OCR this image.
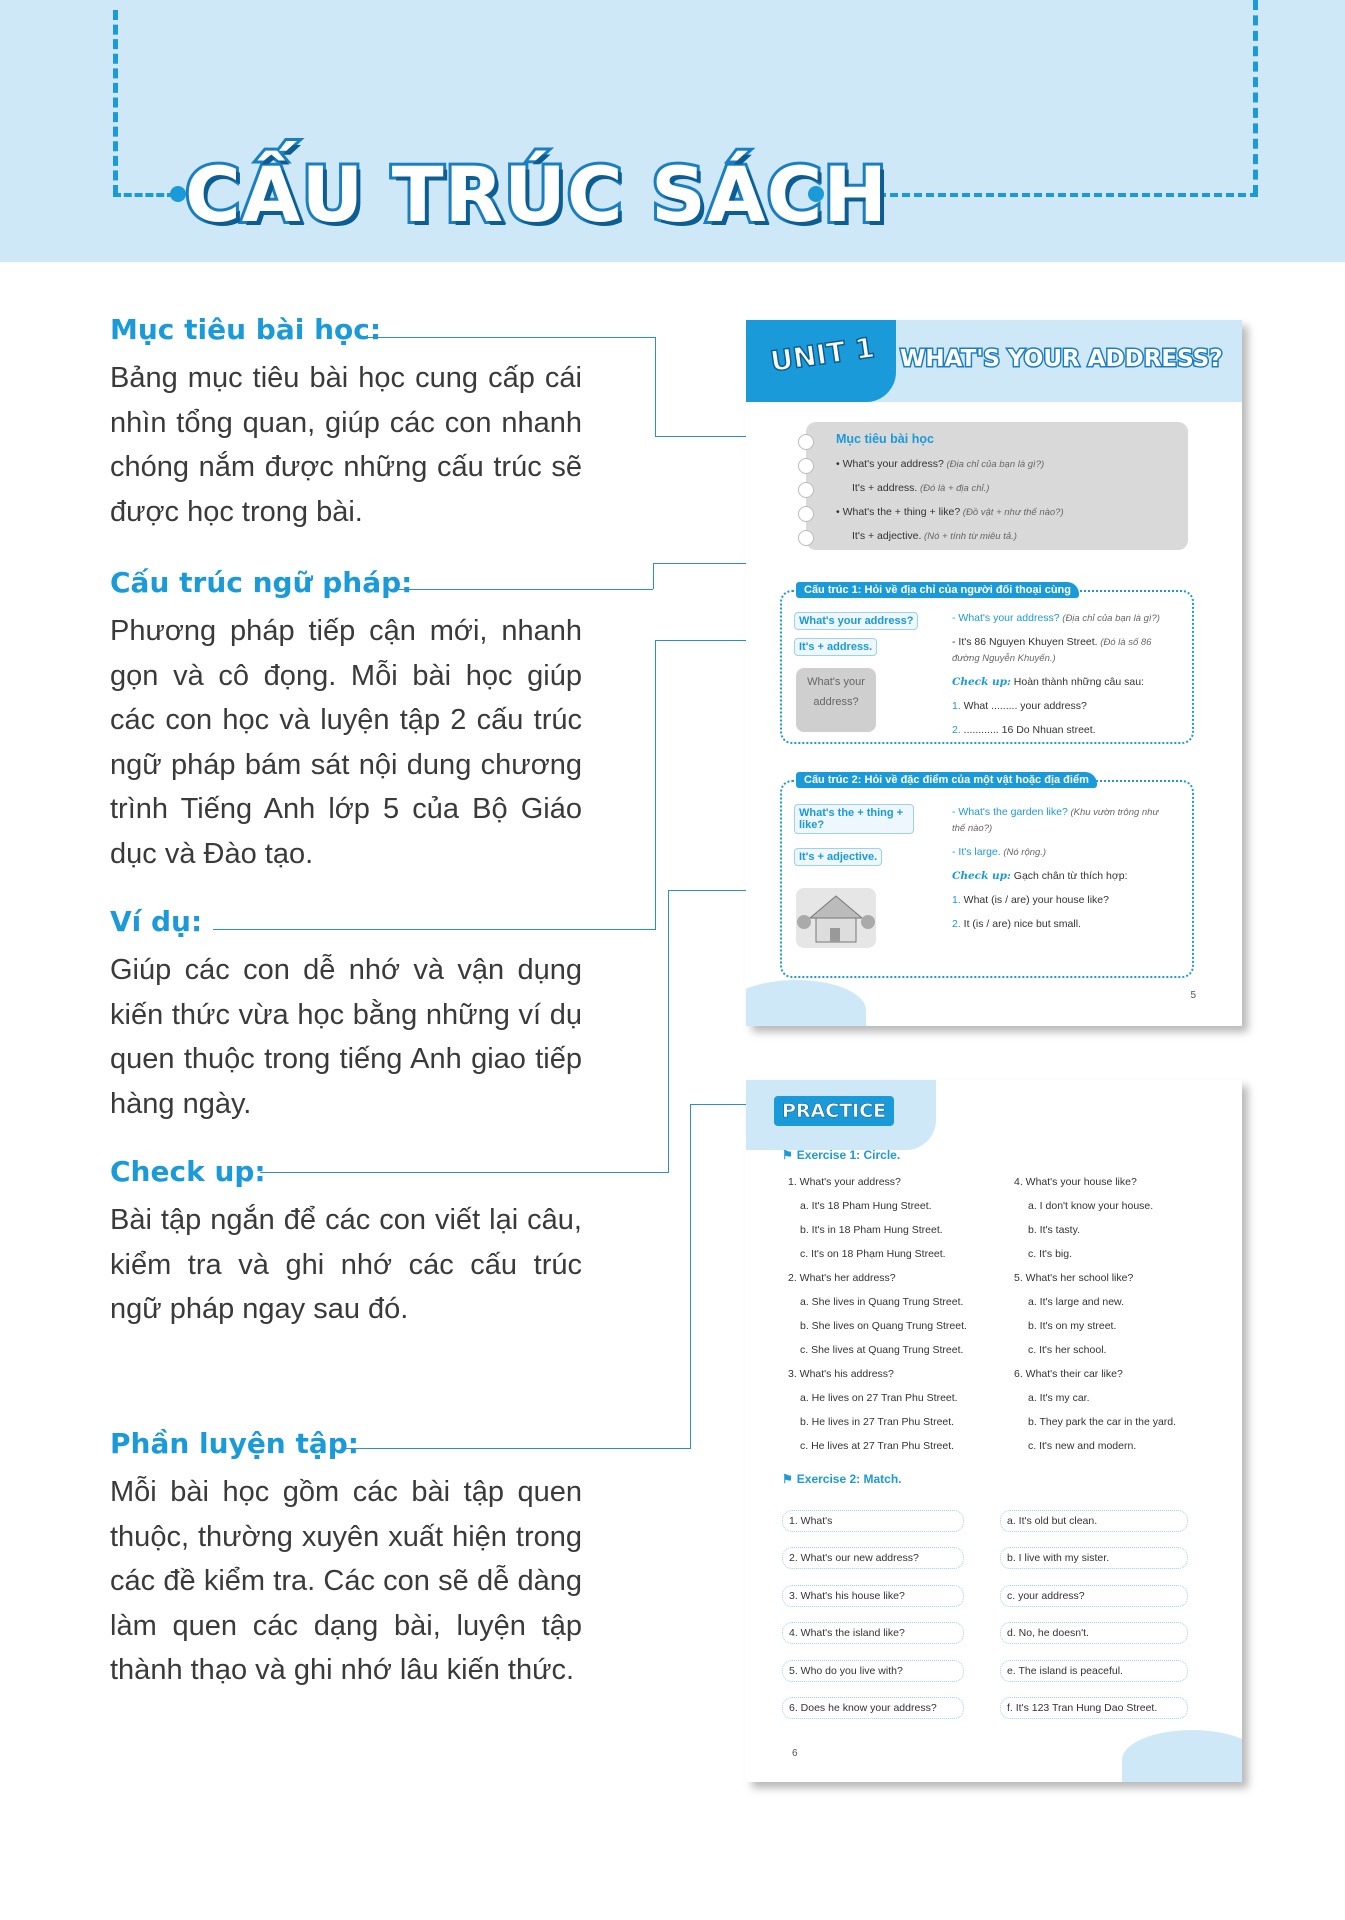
CẤU TRÚC SÁCH
Mục tiêu bài học:
Bảng mục tiêu bài học cung cấp cái nhìn tổng quan, giúp các con nhanh chóng nắm được những cấu trúc sẽ được học trong bài.
Cấu trúc ngữ pháp:
Phương pháp tiếp cận mới, nhanh gọn và cô đọng. Mỗi bài học giúp các con học và luyện tập 2 cấu trúc ngữ pháp bám sát nội dung chương trình Tiếng Anh lớp 5 của Bộ Giáo dục và Đào tạo.
Ví dụ:
Giúp các con dễ nhớ và vận dụng kiến thức vừa học bằng những ví dụ quen thuộc trong tiếng Anh giao tiếp hàng ngày.
Check up:
Bài tập ngắn để các con viết lại câu, kiểm tra và ghi nhớ các cấu trúc ngữ pháp ngay sau đó.
Phần luyện tập:
Mỗi bài học gồm các bài tập quen thuộc, thường xuyên xuất hiện trong các đề kiểm tra. Các con sẽ dễ dàng làm quen các dạng bài, luyện tập thành thạo và ghi nhớ lâu kiến thức.
UNIT 1 WHAT'S YOUR ADDRESS?
Mục tiêu bài học
• What's your address? (Địa chỉ của bạn là gì?)
It's + address. (Đó là + địa chỉ.)
• What's the + thing + like? (Đồ vật + như thế nào?)
It's + adjective. (Nó + tính từ miêu tả.)
Cấu trúc 1: Hỏi về địa chỉ của người đối thoại cùng
What's your address?
It's + address.
What's your address?
- What's your address? (Địa chỉ của bạn là gì?)
- It's 86 Nguyen Khuyen Street. (Đó là số 86
đường Nguyễn Khuyến.)
Check up: Hoàn thành những câu sau:
1. What ......... your address?
2. ............ 16 Do Nhuan street.
Cấu trúc 2: Hỏi về đặc điểm của một vật hoặc địa điểm
What's the + thing + like?
It's + adjective.
- What's the garden like? (Khu vườn trông như
thế nào?)
- It's large. (Nó rộng.)
Check up: Gạch chân từ thích hợp:
1. What (is / are) your house like?
2. It (is / are) nice but small.
5
PRACTICE
⚑ Exercise 1: Circle.
1. What's your address?
a. It's 18 Pham Hung Street.
b. It's in 18 Pham Hung Street.
c. It's on 18 Phạm Hung Street.
2. What's her address?
a. She lives in Quang Trung Street.
b. She lives on Quang Trung Street.
c. She lives at Quang Trung Street.
3. What's his address?
a. He lives on 27 Tran Phu Street.
b. He lives in 27 Tran Phu Street.
c. He lives at 27 Tran Phu Street.
4. What's your house like?
a. I don't know your house.
b. It's tasty.
c. It's big.
5. What's her school like?
a. It's large and new.
b. It's on my street.
c. It's her school.
6. What's their car like?
a. It's my car.
b. They park the car in the yard.
c. It's new and modern.
⚑ Exercise 2: Match.
1. What's
2. What's our new address?
3. What's his house like?
4. What's the island like?
5. Who do you live with?
6. Does he know your address?
a. It's old but clean.
b. I live with my sister.
c. your address?
d. No, he doesn't.
e. The island is peaceful.
f. It's 123 Tran Hung Dao Street.
6
